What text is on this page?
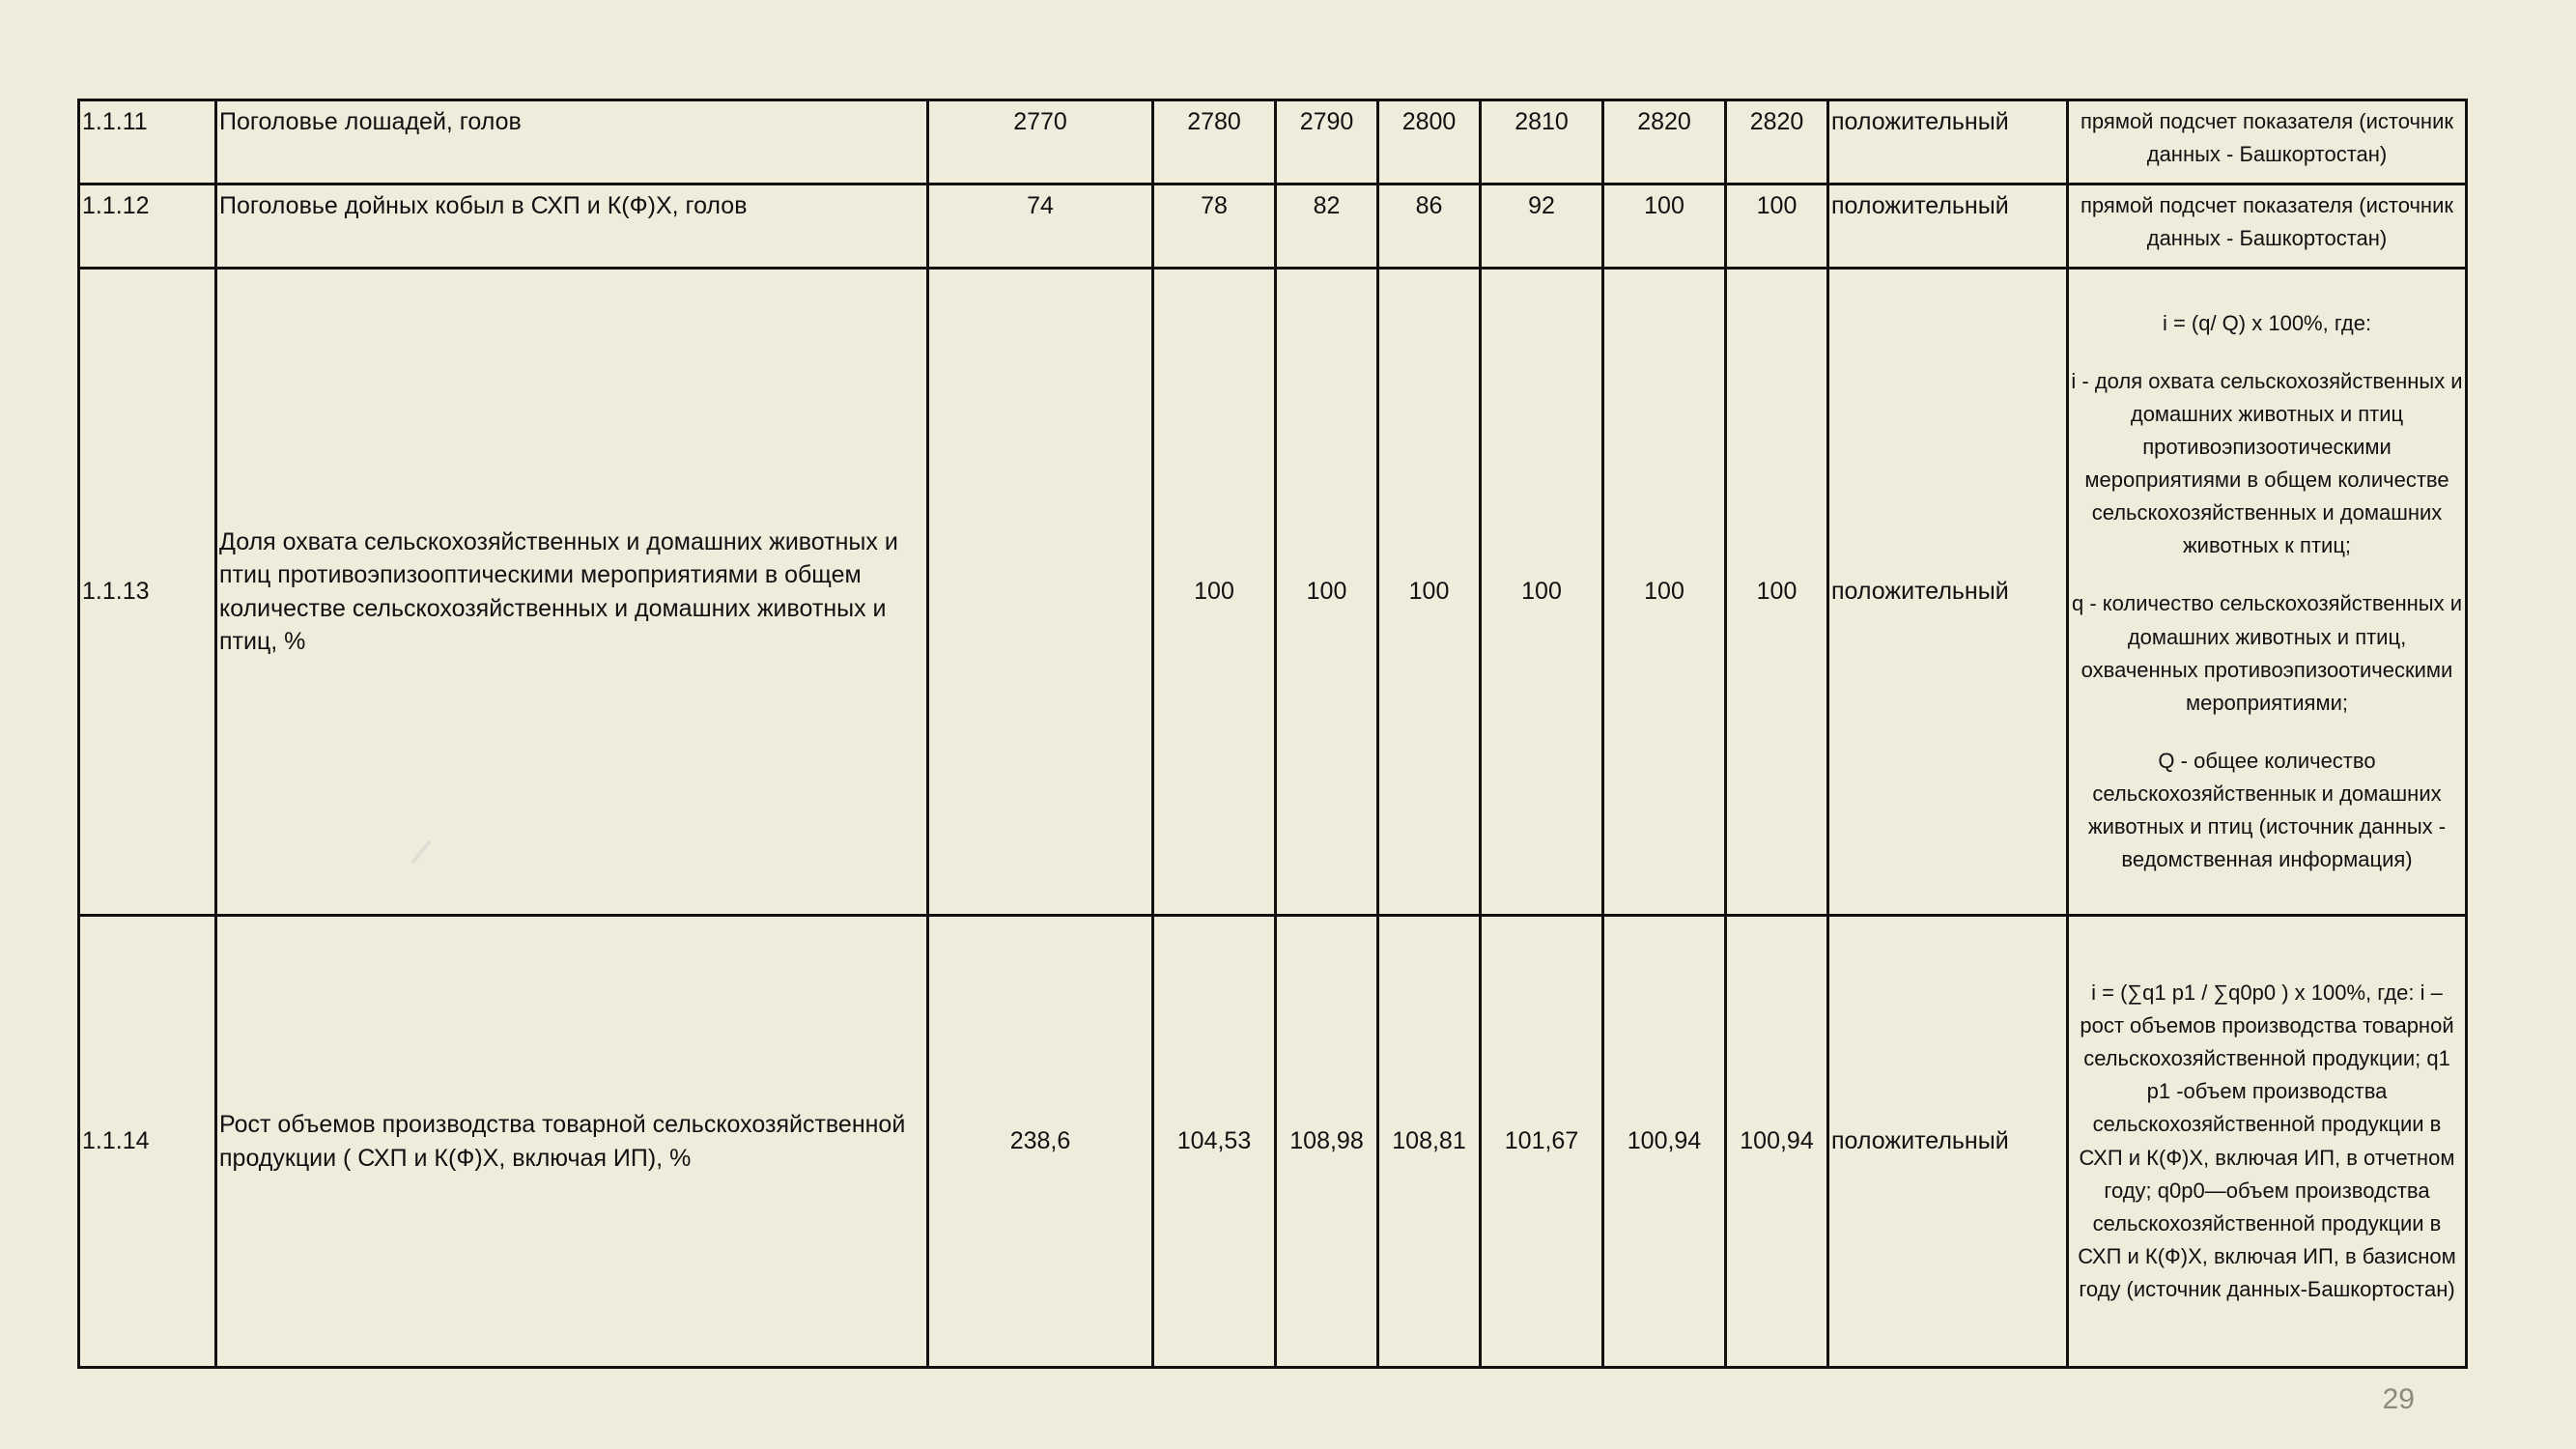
1.1.11	Поголовье лошадей, голов	2770	2780	2790	2800	2810	2820	2820	положительный	прямой подсчет показателя (источник данных - Башкортостан)

1.1.12	Поголовье дойных кобыл в СХП и К(Ф)Х, голов	74	78	82	86	92	100	100	положительный	прямой подсчет показателя (источник данных - Башкортостан)

1.1.13	Доля охвата сельскохозяйственных и домашних животных и птиц противоэпизооптическими мероприятиями в общем количестве сельскохозяйственных и домашних животных и птиц, %		100	100	100	100	100	100	положительный	i = (q/ Q) x 100%, где:

i - доля охвата сельскохозяйственных и домашних животных и птиц противоэпизоотическими мероприятиями в общем количестве сельскохозяйственных и домашних животных к птиц;

q - количество сельскохозяйственных и домашних животных и птиц, охваченных противоэпизоотическими мероприятиями;

Q - общее количество сельскохозяйственнык и домашних животных и птиц (источник данных - ведомственная информация)

1.1.14	Рост объемов производства товарной сельскохозяйственной продукции ( СХП и К(Ф)Х, включая ИП), %	238,6	104,53	108,98	108,81	101,67	100,94	100,94	положительный	i = (∑q1 p1 / ∑q0p0 ) x 100%, где: i – рост объемов производства товарной сельскохозяйственной продукции; q1 p1 -объем производства сельскохозяйственной продукции в СХП и К(Ф)Х, включая ИП, в отчетном году; q0p0—объем производства сельскохозяйственной продукции в СХП и К(Ф)Х, включая ИП, в базисном году (источник данных-Башкортостан)

29
